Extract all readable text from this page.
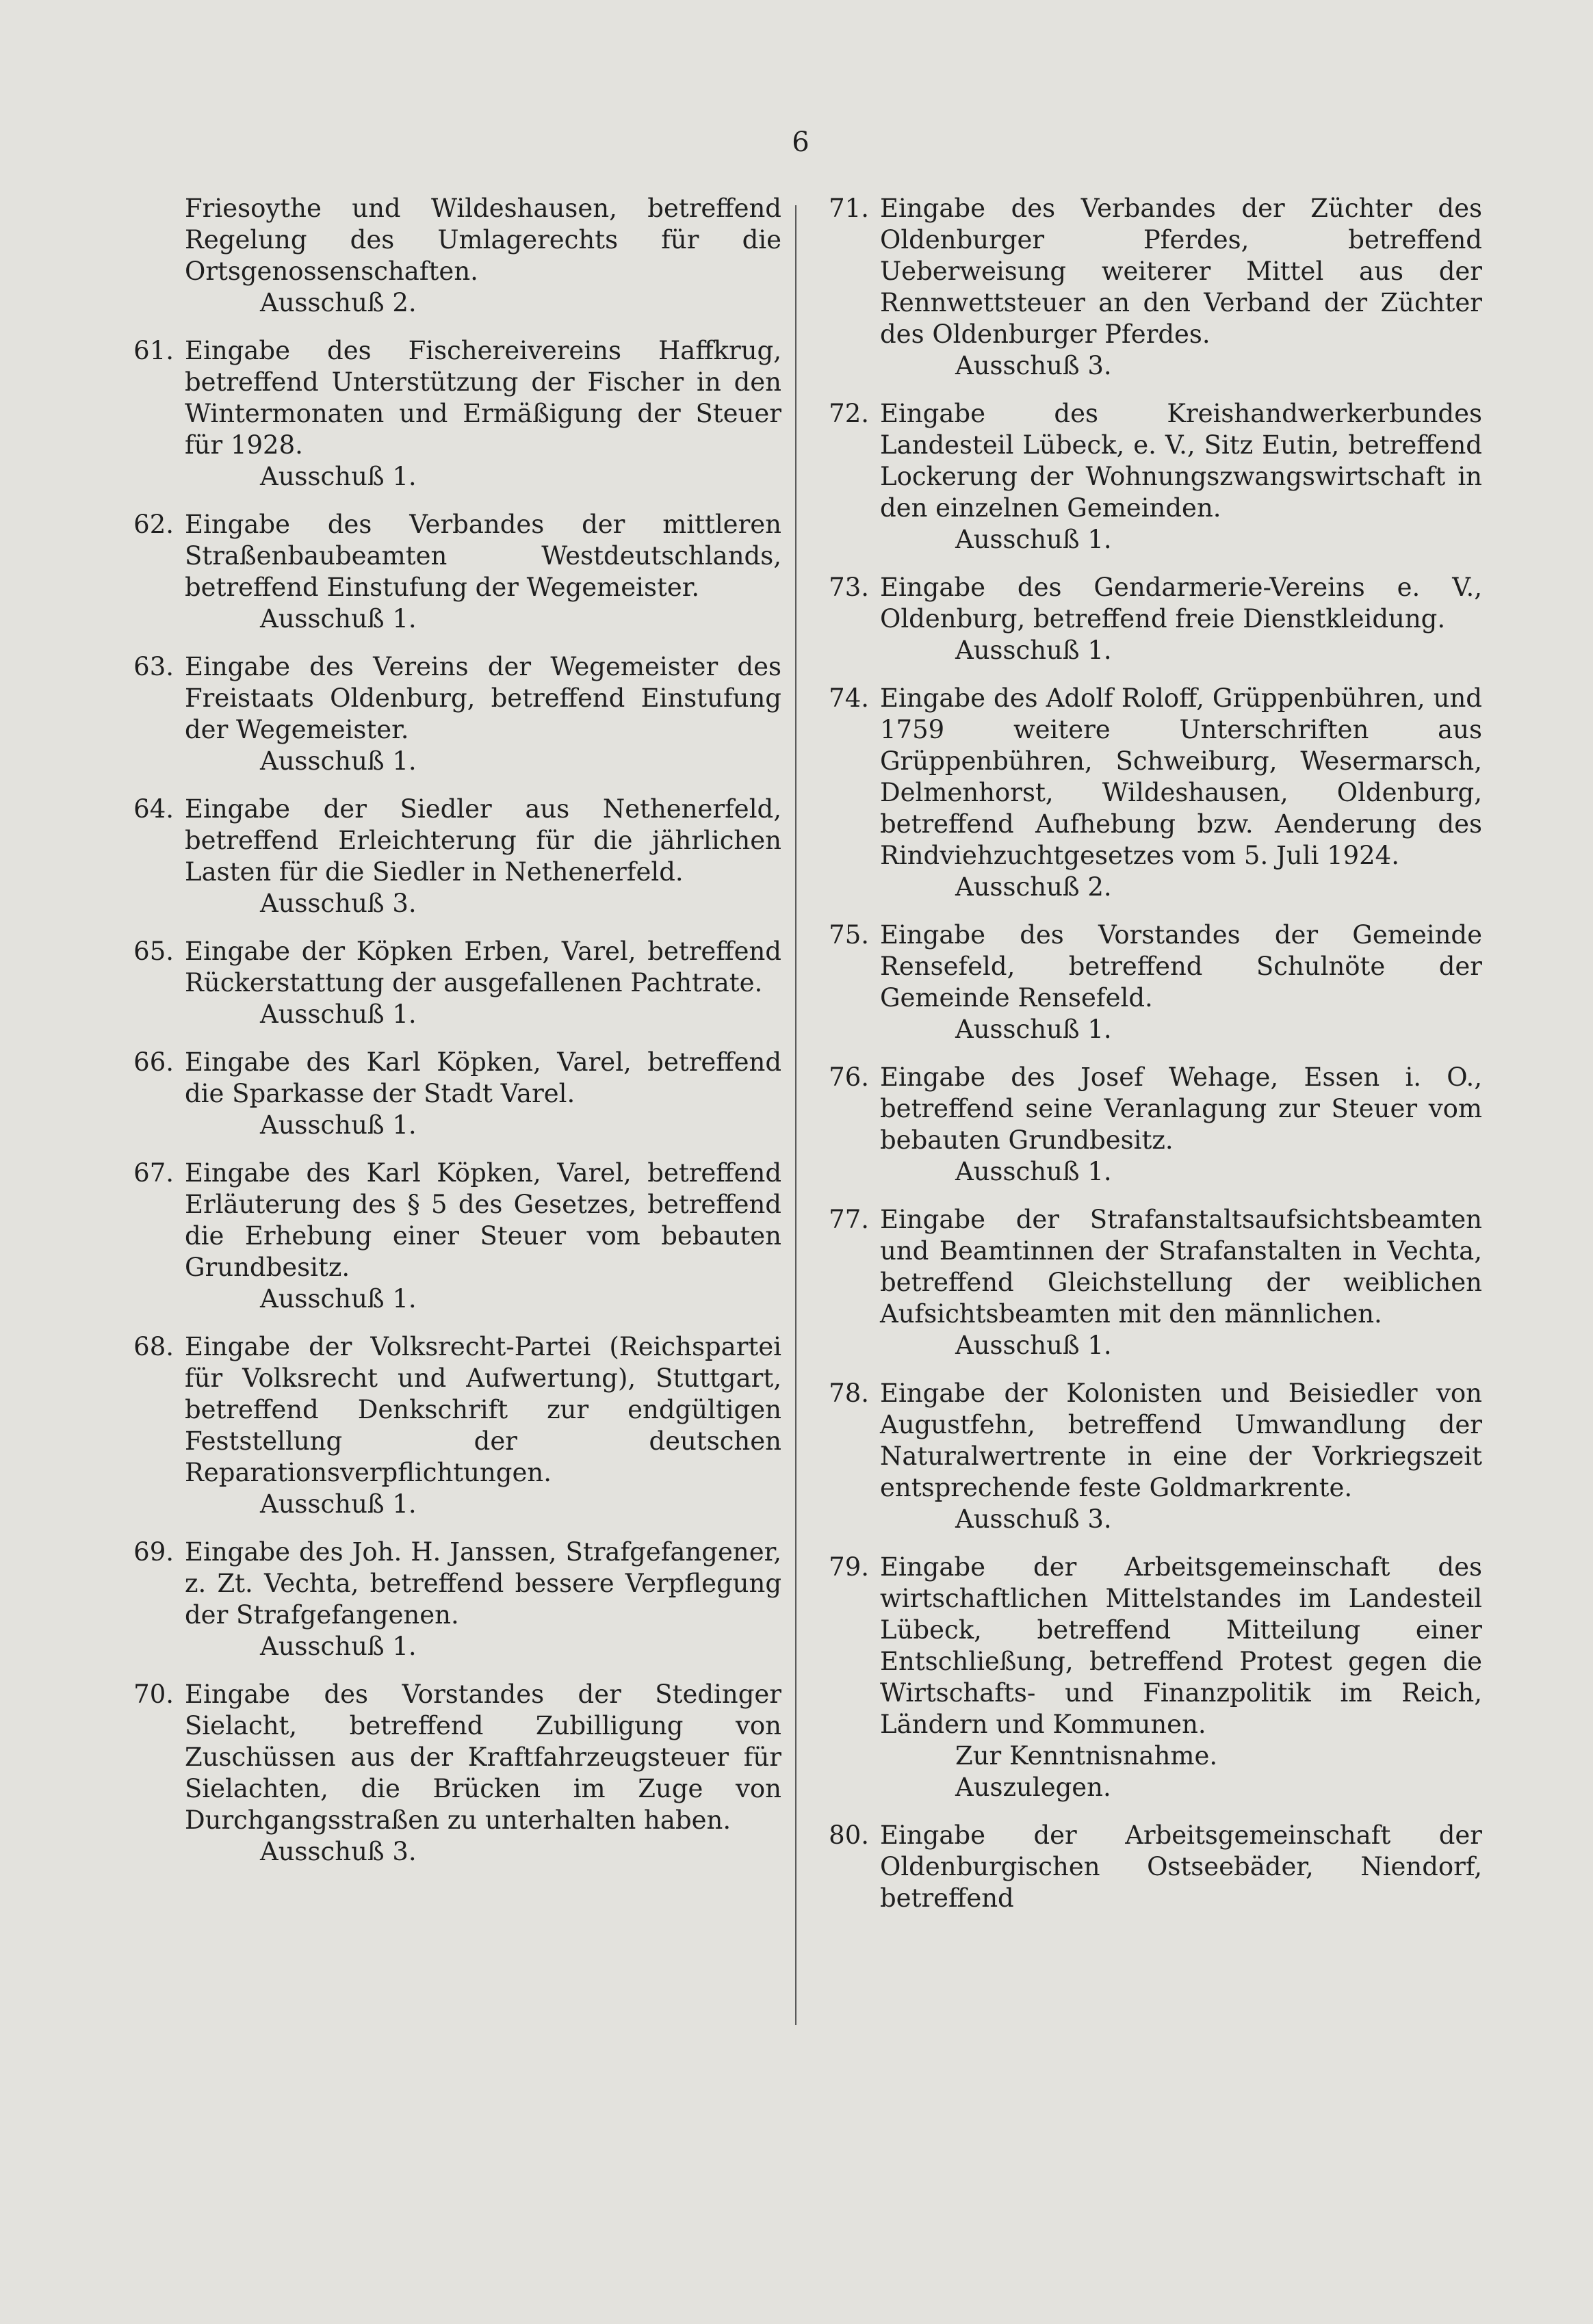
6
Friesoythe und Wildeshausen, betreffend Regelung des Umlagerechts für die Ortsgenossenschaften.
Ausschuß 2.
61. Eingabe des Fischereivereins Haffkrug, betreffend Unterstützung der Fischer in den Wintermonaten und Ermäßigung der Steuer für 1928.
Ausschuß 1.
62. Eingabe des Verbandes der mittleren Straßenbaubeamten Westdeutschlands, betreffend Einstufung der Wegemeister.
Ausschuß 1.
63. Eingabe des Vereins der Wegemeister des Freistaats Oldenburg, betreffend Einstufung der Wegemeister.
Ausschuß 1.
64. Eingabe der Siedler aus Nethenerfeld, betreffend Erleichterung für die jährlichen Lasten für die Siedler in Nethenerfeld.
Ausschuß 3.
65. Eingabe der Köpken Erben, Varel, betreffend Rückerstattung der ausgefallenen Pachtrate.
Ausschuß 1.
66. Eingabe des Karl Köpken, Varel, betreffend die Sparkasse der Stadt Varel.
Ausschuß 1.
67. Eingabe des Karl Köpken, Varel, betreffend Erläuterung des § 5 des Gesetzes, betreffend die Erhebung einer Steuer vom bebauten Grundbesitz.
Ausschuß 1.
68. Eingabe der Volksrecht-Partei (Reichspartei für Volksrecht und Aufwertung), Stuttgart, betreffend Denkschrift zur endgültigen Feststellung der deutschen Reparationsverpflichtungen.
Ausschuß 1.
69. Eingabe des Joh. H. Janssen, Strafgefangener, z. Zt. Vechta, betreffend bessere Verpflegung der Strafgefangenen.
Ausschuß 1.
70. Eingabe des Vorstandes der Stedinger Sielacht, betreffend Zubilligung von Zuschüssen aus der Kraftfahrzeugsteuer für Sielachten, die Brücken im Zuge von Durchgangsstraßen zu unterhalten haben.
Ausschuß 3.
71. Eingabe des Verbandes der Züchter des Oldenburger Pferdes, betreffend Ueberweisung weiterer Mittel aus der Rennwettsteuer an den Verband der Züchter des Oldenburger Pferdes.
Ausschuß 3.
72. Eingabe des Kreishandwerkerbundes Landesteil Lübeck, e. V., Sitz Eutin, betreffend Lockerung der Wohnungszwangswirtschaft in den einzelnen Gemeinden.
Ausschuß 1.
73. Eingabe des Gendarmerie-Vereins e. V., Oldenburg, betreffend freie Dienstkleidung.
Ausschuß 1.
74. Eingabe des Adolf Roloff, Grüppenbühren, und 1759 weitere Unterschriften aus Grüppenbühren, Schweiburg, Wesermarsch, Delmenhorst, Wildeshausen, Oldenburg, betreffend Aufhebung bzw. Aenderung des Rindviehzuchtgesetzes vom 5. Juli 1924.
Ausschuß 2.
75. Eingabe des Vorstandes der Gemeinde Rensefeld, betreffend Schulnöte der Gemeinde Rensefeld.
Ausschuß 1.
76. Eingabe des Josef Wehage, Essen i. O., betreffend seine Veranlagung zur Steuer vom bebauten Grundbesitz.
Ausschuß 1.
77. Eingabe der Strafanstaltsaufsichtsbeamten und Beamtinnen der Strafanstalten in Vechta, betreffend Gleichstellung der weiblichen Aufsichtsbeamten mit den männlichen.
Ausschuß 1.
78. Eingabe der Kolonisten und Beisiedler von Augustfehn, betreffend Umwandlung der Naturalwertrente in eine der Vorkriegszeit entsprechende feste Goldmarkrente.
Ausschuß 3.
79. Eingabe der Arbeitsgemeinschaft des wirtschaftlichen Mittelstandes im Landesteil Lübeck, betreffend Mitteilung einer Entschließung, betreffend Protest gegen die Wirtschafts- und Finanzpolitik im Reich, Ländern und Kommunen.
Zur Kenntnisnahme.
Auszulegen.
80. Eingabe der Arbeitsgemeinschaft der Oldenburgischen Ostseebäder, Niendorf, betreffend
